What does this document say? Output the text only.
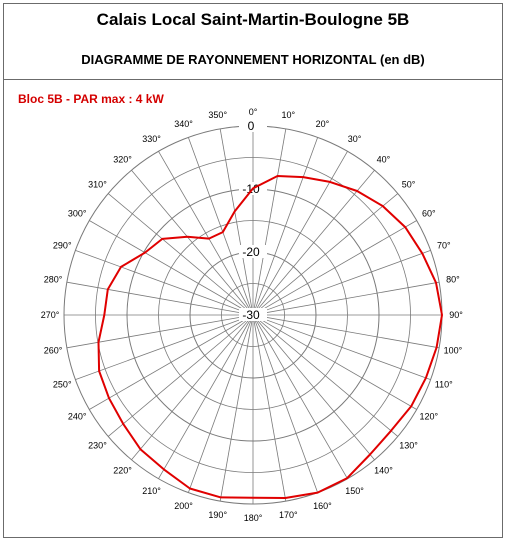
Calais Local Saint-Martin-Boulogne 5B
DIAGRAMME DE RAYONNEMENT HORIZONTAL (en dB)
Bloc 5B - PAR max : 4 kW
0
-10
-20
-30
0°	10°
20°
30°
40°
50°
60°
70°
80°
90°
100°
110°
120°
130°
140°
150°
160°
170°
180°
190°
200°
210°
220°
230°
240°
250°
260°
270°
280°
290°
300°
310°
320°
330°
340°
350°
